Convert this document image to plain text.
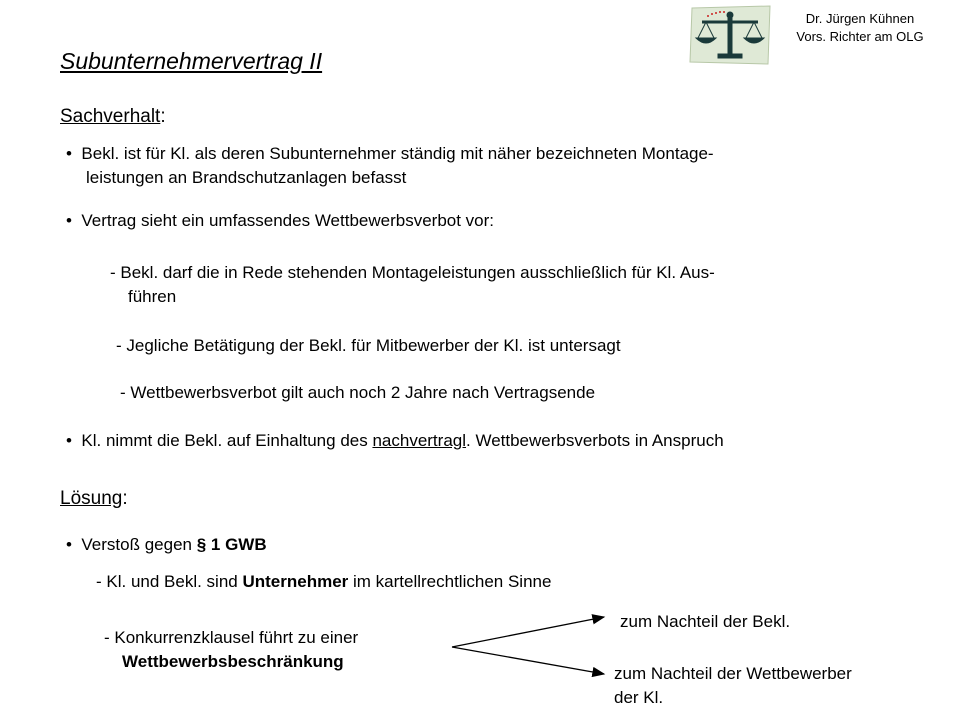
Dr. Jürgen Kühnen
Vors. Richter am OLG
Subunternehmervertrag II
Sachverhalt:
• Bekl. ist für Kl. als deren Subunternehmer ständig mit näher bezeichneten Montage-
leistungen an Brandschutzanlagen befasst
• Vertrag sieht ein umfassendes Wettbewerbsverbot vor:
- Bekl. darf die in Rede stehenden Montageleistungen ausschließlich für Kl. Aus-
führen
- Jegliche Betätigung der Bekl. für Mitbewerber der Kl. ist untersagt
- Wettbewerbsverbot gilt auch noch 2 Jahre nach Vertragsende
• Kl. nimmt die Bekl. auf Einhaltung des nachvertragl. Wettbewerbsverbots in Anspruch
Lösung:
• Verstoß gegen § 1 GWB
- Kl. und Bekl. sind Unternehmer im kartellrechtlichen Sinne
- Konkurrenzklausel führt zu einer
Wettbewerbsbeschränkung
zum Nachteil der Bekl.
zum Nachteil der Wettbewerber
der Kl.
